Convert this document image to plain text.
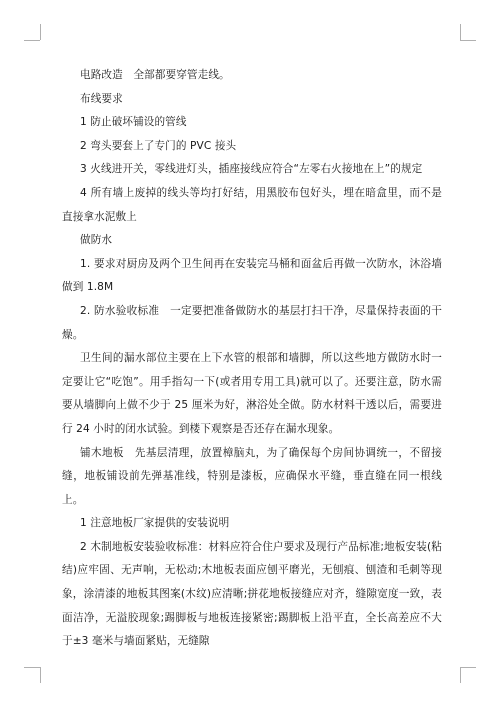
电路改造　全部都要穿管走线。

布线要求

1 防止破坏铺设的管线

2 弯头要套上了专门的 PVC 接头

3 火线进开关，零线进灯头，插座接线应符合“左零右火接地在上”的规定

4 所有墙上废掉的线头等均打好结，用黑胶布包好头，埋在暗盒里，而不是直接拿水泥敷上

做防水

1. 要求对厨房及两个卫生间再在安装完马桶和面盆后再做一次防水，沐浴墙做到 1.8M

2. 防水验收标准　一定要把准备做防水的基层打扫干净，尽量保持表面的干燥。

卫生间的漏水部位主要在上下水管的根部和墙脚，所以这些地方做防水时一定要让它“吃饱”。用手指勾一下(或者用专用工具)就可以了。还要注意，防水需要从墙脚向上做不少于 25 厘米为好，淋浴处全做。防水材料干透以后，需要进行 24 小时的闭水试验。到楼下观察是否还存在漏水现象。

铺木地板　先基层清理，放置樟脑丸，为了确保每个房间协调统一，不留接缝，地板铺设前先弹基准线，特别是漆板，应确保水平缝，垂直缝在同一根线上。

1 注意地板厂家提供的安装说明

2 木制地板安装验收标准：材料应符合住户要求及现行产品标准;地板安装(粘结)应牢固、无声响，无松动;木地板表面应刨平磨光，无刨痕、刨渣和毛刺等现象，涂清漆的地板其图案(木纹)应清晰;拼花地板接缝应对齐，缝隙宽度一致，表面洁净，无溢胶现象;踢脚板与地板连接紧密;踢脚板上沿平直，全长高差应不大于±3 毫米与墙面紧贴，无缝隙
